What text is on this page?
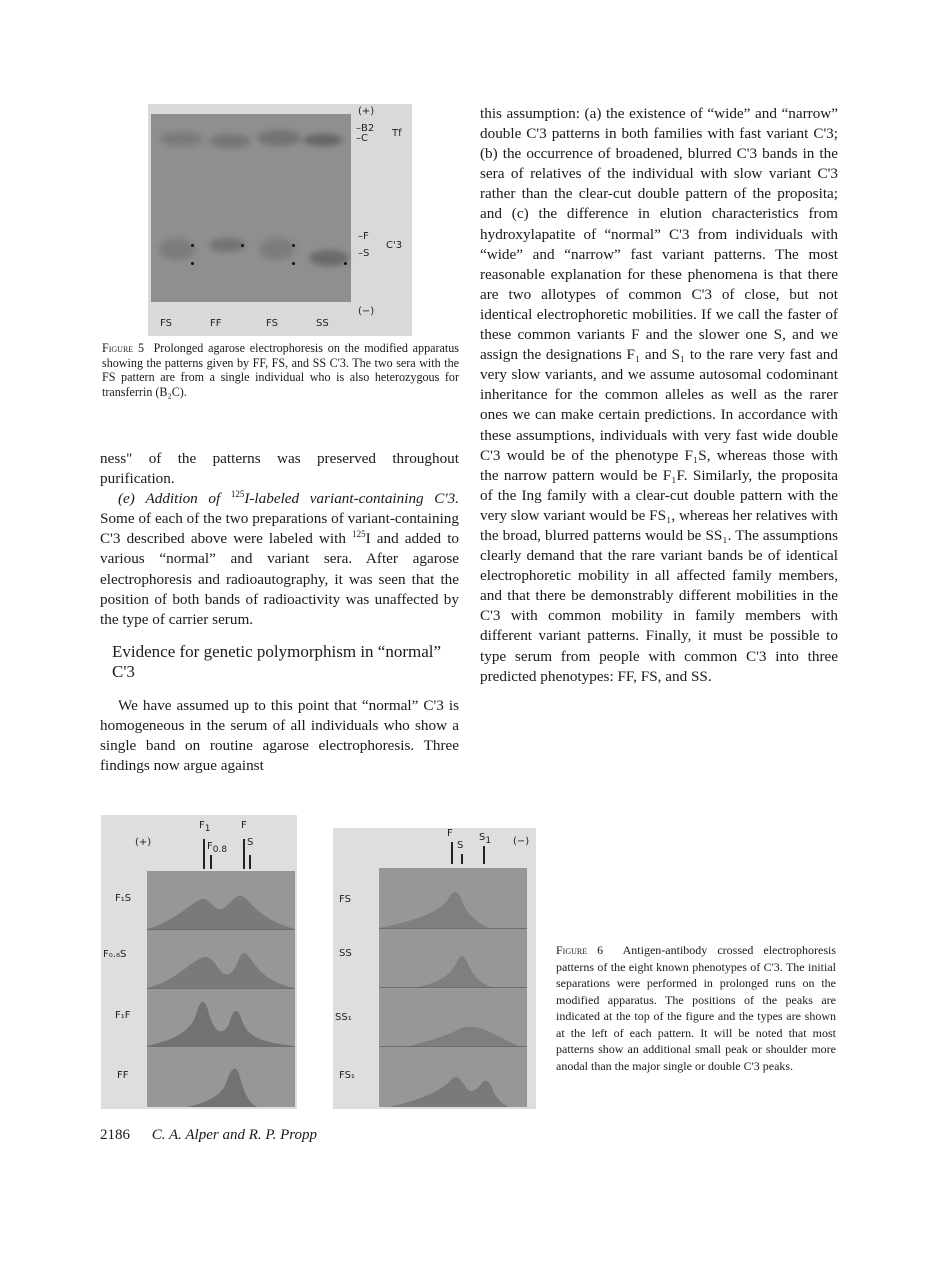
(+)
–B2
–C Tf
–F
–S
C'3
(−)
FS	FF	FS	SS
Figure 5 Prolonged agarose electrophoresis on the modified apparatus showing the patterns given by FF, FS, and SS C'3. The two sera with the FS pattern are from a single individual who is also heterozygous for transferrin (B₂C).

ness" of the patterns was preserved throughout purification.

(e) Addition of $^{125}$I-labeled variant-containing C'3. Some of each of the two preparations of variant-containing C'3 described above were labeled with $^{125}$I and added to various “normal” and variant sera. After agarose electrophoresis and radioautography, it was seen that the position of both bands of radioactivity was unaffected by the type of carrier serum.

Evidence for genetic polymorphism in “normal” C'3

We have assumed up to this point that “normal” C'3 is homogeneous in the serum of all individuals who show a single band on routine agarose electrophoresis. Three findings now argue against

this assumption: (a) the existence of “wide” and “narrow” double C'3 patterns in both families with fast variant C'3; (b) the occurrence of broadened, blurred C'3 bands in the sera of relatives of the individual with slow variant C'3 rather than the clear-cut double pattern of the proposita; and (c) the difference in elution characteristics from hydroxylapatite of “normal” C'3 from individuals with “wide” and “narrow” fast variant patterns. The most reasonable explanation for these phenomena is that there are two allotypes of common C'3 of close, but not identical electrophoretic mobilities. If we call the faster of these common variants F and the slower one S, and we assign the designations F₁ and S₁ to the rare very fast and very slow variants, and we assume autosomal codominant inheritance for the common alleles as well as the rarer ones we can make certain predictions. In accordance with these assumptions, individuals with very fast wide double C'3 would be of the phenotype F₁S, whereas those with the narrow pattern would be F₁F. Similarly, the proposita of the Ing family with a clear-cut double pattern with the very slow variant would be FS₁, whereas her relatives with the broad, blurred patterns would be SS₁. The assumptions clearly demand that the rare variant bands be of identical electrophoretic mobility in all affected family members, and that there be demonstrably different mobilities in the C'3 with common mobility in family members with different variant patterns. Finally, it must be possible to type serum from people with common C'3 into three predicted phenotypes: FF, FS, and SS.

(+)
$F_1$
$F_{0.8}$
F
S
F₁S
F₀.₈S
F₁F
FF
F
S
$S_1$ (−)
FS
SS
SS₁
FS₁
Figure 6 Antigen-antibody crossed electrophoresis patterns of the eight known phenotypes of C'3. The initial separations were performed in prolonged runs on the modified apparatus. The positions of the peaks are indicated at the top of the figure and the types are shown at the left of each pattern. It will be noted that most patterns show an additional small peak or shoulder more anodal than the major single or double C'3 peaks.
2186 C. A. Alper and R. P. Propp
